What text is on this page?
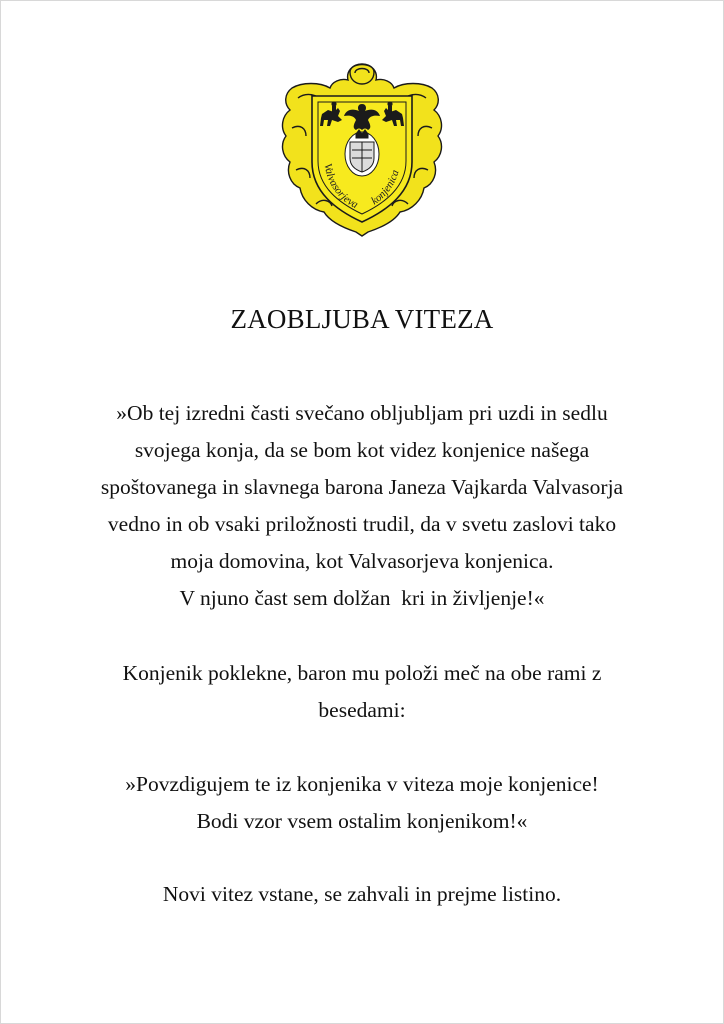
Valvasorjeva konjenica
ZAOBLJUBA VITEZA
»Ob tej izredni časti svečano obljubljam pri uzdi in sedlu
svojega konja, da se bom kot videz konjenice našega
spoštovanega in slavnega barona Janeza Vajkarda Valvasorja
vedno in ob vsaki priložnosti trudil, da v svetu zaslovi tako
moja domovina, kot Valvasorjeva konjenica.
V njuno čast sem dolžan  kri in življenje!«
Konjenik poklekne, baron mu položi meč na obe rami z
besedami:
»Povzdigujem te iz konjenika v viteza moje konjenice!
Bodi vzor vsem ostalim konjenikom!«
Novi vitez vstane, se zahvali in prejme listino.
